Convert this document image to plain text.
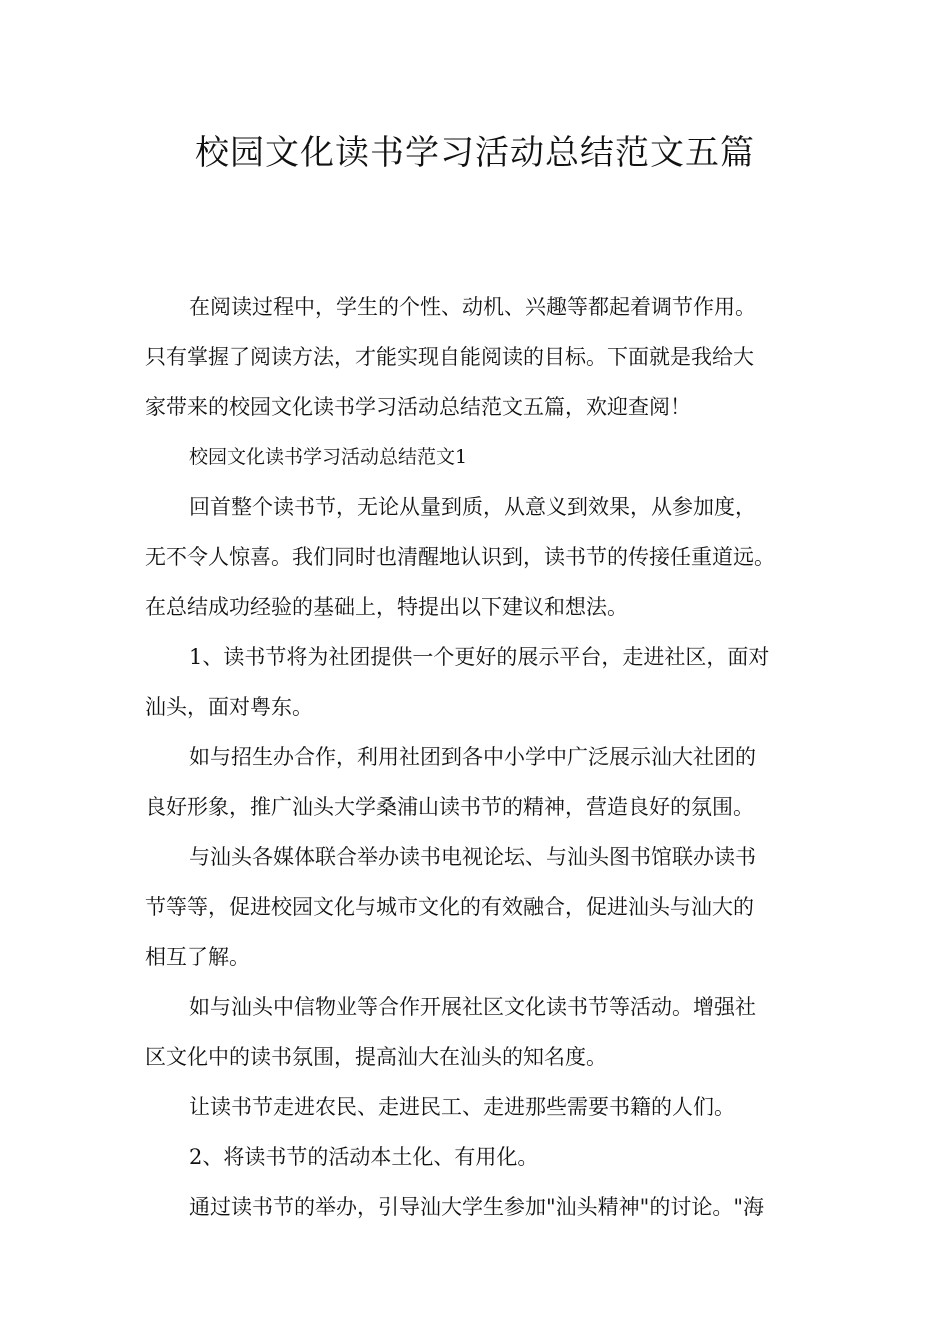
校园文化读书学习活动总结范文五篇

在阅读过程中，学生的个性、动机、兴趣等都起着调节作用。
只有掌握了阅读方法，才能实现自能阅读的目标。下面就是我给大
家带来的校园文化读书学习活动总结范文五篇，欢迎查阅！

校园文化读书学习活动总结范文1

回首整个读书节，无论从量到质，从意义到效果，从参加度，
无不令人惊喜。我们同时也清醒地认识到，读书节的传接任重道远。
在总结成功经验的基础上，特提出以下建议和想法。

1、读书节将为社团提供一个更好的展示平台，走进社区，面对
汕头，面对粤东。

如与招生办合作，利用社团到各中小学中广泛展示汕大社团的
良好形象，推广汕头大学桑浦山读书节的精神，营造良好的氛围。

与汕头各媒体联合举办读书电视论坛、与汕头图书馆联办读书
节等等，促进校园文化与城市文化的有效融合，促进汕头与汕大的
相互了解。

如与汕头中信物业等合作开展社区文化读书节等活动。增强社
区文化中的读书氛围，提高汕大在汕头的知名度。

让读书节走进农民、走进民工、走进那些需要书籍的人们。

2、将读书节的活动本土化、有用化。

通过读书节的举办，引导汕大学生参加"汕头精神"的讨论。"海
